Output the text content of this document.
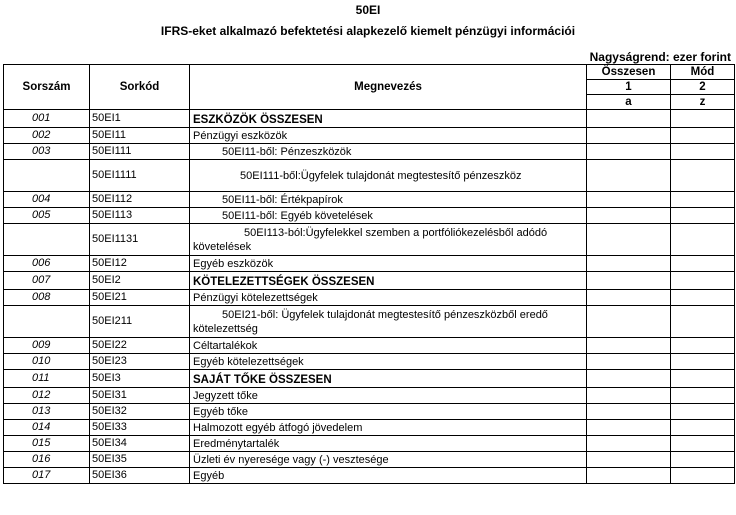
50EI
IFRS-eket alkalmazó befektetési alapkezelő kiemelt pénzügyi információi
Nagyságrend: ezer forint
Sorszám	Sorkód	Megnevezés	Összesen	Mód
			1	2
			a	z
001	50EI1	ESZKÖZÖK ÖSSZESEN		
002	50EI11	Pénzügyi eszközök		
003	50EI111	50EI11-ből: Pénzeszközök		
	50EI1111	50EI111-ből:Ügyfelek tulajdonát megtestesítő pénzeszköz		
004	50EI112	50EI11-ből: Értékpapírok		
005	50EI113	50EI11-ből: Egyéb követelések		
	50EI1131	50EI113-ból:Ügyfelekkel szemben a portfóliókezelésből adódó követelések		

006	50EI12	Egyéb eszközök		
007	50EI2	KÖTELEZETTSÉGEK ÖSSZESEN		
008	50EI21	Pénzügyi kötelezettségek		
	50EI211	50EI21-ből: Ügyfelek tulajdonát megtestesítő pénzeszközből eredő kötelezettség		

009	50EI22	Céltartalékok		
010	50EI23	Egyéb kötelezettségek		
011	50EI3	SAJÁT TŐKE ÖSSZESEN		
012	50EI31	Jegyzett tőke		
013	50EI32	Egyéb tőke		
014	50EI33	Halmozott egyéb átfogó jövedelem		
015	50EI34	Eredménytartalék		
016	50EI35	Üzleti év nyeresége vagy (-) vesztesége		
017	50EI36	Egyéb		
